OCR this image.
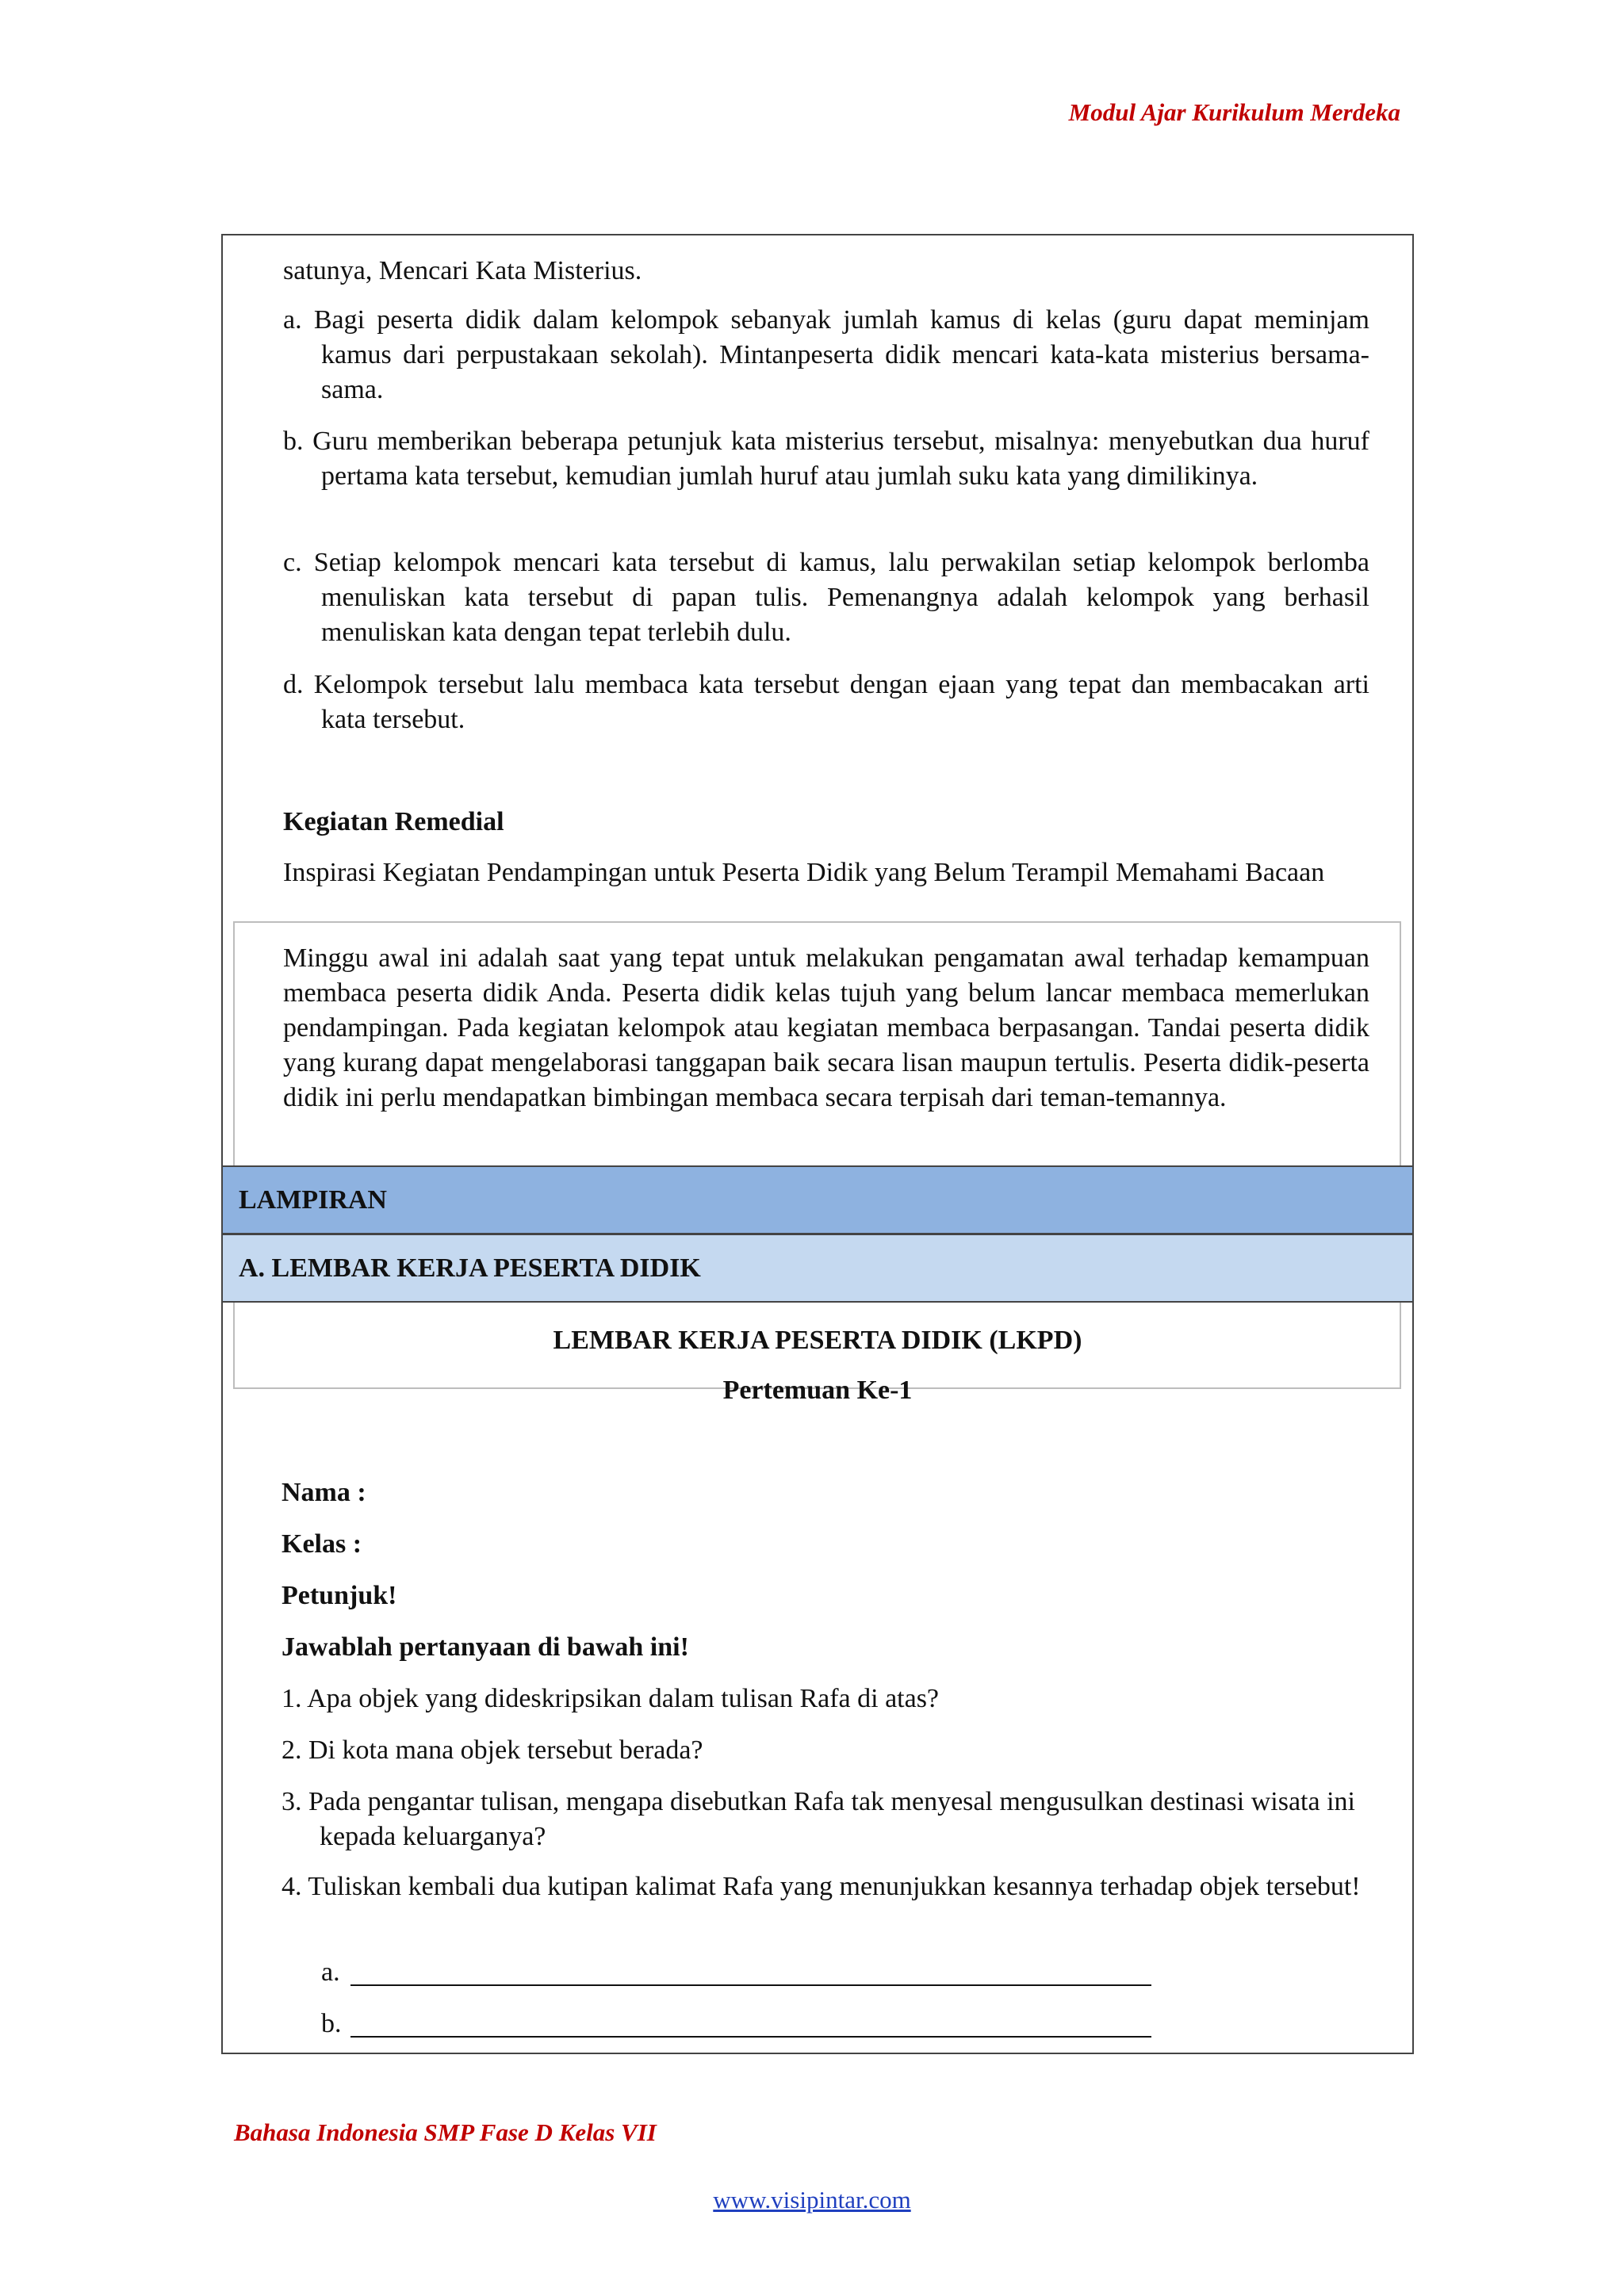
Modul Ajar Kurikulum Merdeka

satunya, Mencari Kata Misterius.

a. Bagi peserta didik dalam kelompok sebanyak jumlah kamus di kelas (guru dapat meminjam kamus dari perpustakaan sekolah). Mintanpeserta didik mencari kata-kata misterius bersama-sama.

b. Guru memberikan beberapa petunjuk kata misterius tersebut, misalnya: menyebutkan dua huruf pertama kata tersebut, kemudian jumlah huruf atau jumlah suku kata yang dimilikinya.

c. Setiap kelompok mencari kata tersebut di kamus, lalu perwakilan setiap kelompok berlomba menuliskan kata tersebut di papan tulis. Pemenangnya adalah kelompok yang berhasil menuliskan kata dengan tepat terlebih dulu.

d. Kelompok tersebut lalu membaca kata tersebut dengan ejaan yang tepat dan membacakan arti kata tersebut.

Kegiatan Remedial

Inspirasi Kegiatan Pendampingan untuk Peserta Didik yang Belum Terampil Memahami Bacaan

Minggu awal ini adalah saat yang tepat untuk melakukan pengamatan awal terhadap kemampuan membaca peserta didik Anda. Peserta didik kelas tujuh yang belum lancar membaca memerlukan pendampingan. Pada kegiatan kelompok atau kegiatan membaca berpasangan. Tandai peserta didik yang kurang dapat mengelaborasi tanggapan baik secara lisan maupun tertulis. Peserta didik-peserta didik ini perlu mendapatkan bimbingan membaca secara terpisah dari teman-temannya.

LAMPIRAN
A. LEMBAR KERJA PESERTA DIDIK
LEMBAR KERJA PESERTA DIDIK (LKPD)
Pertemuan Ke-1

Nama :

Kelas :

Petunjuk!

Jawablah pertanyaan di bawah ini!

1. Apa objek yang dideskripsikan dalam tulisan Rafa di atas?

2. Di kota mana objek tersebut berada?

3. Pada pengantar tulisan, mengapa disebutkan Rafa tak menyesal mengusulkan destinasi wisata ini kepada keluarganya?

4. Tuliskan kembali dua kutipan kalimat Rafa yang menunjukkan kesannya terhadap objek tersebut!

a.

b.

Bahasa Indonesia SMP Fase D Kelas VII
www.visipintar.com
